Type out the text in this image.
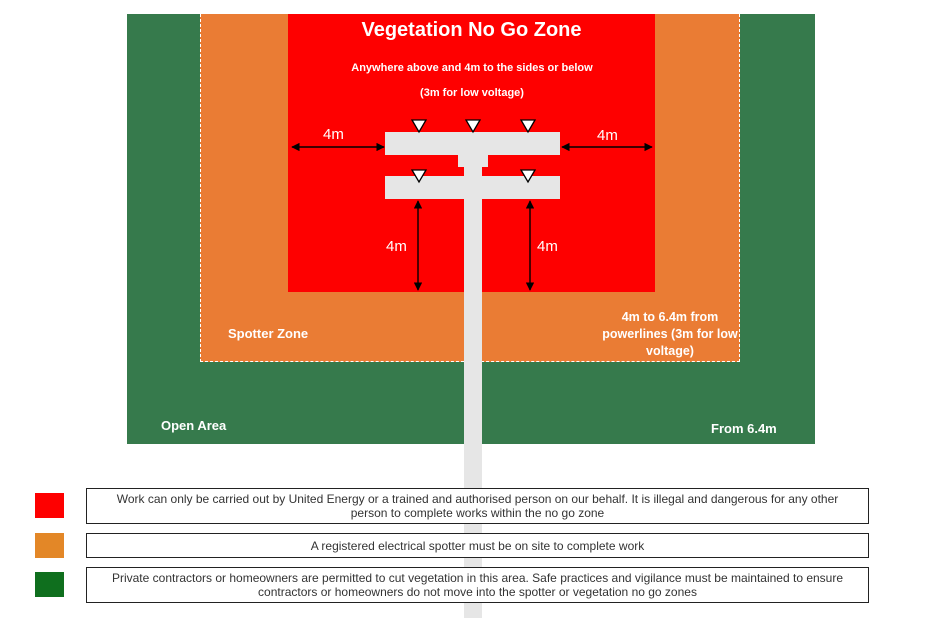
Vegetation No Go Zone
Anywhere above and 4m to the sides or below (3m for low voltage)
4m	4m
4m	4m
Spotter Zone
4m to 6.4m from powerlines (3m for low voltage)
Open Area	From 6.4m
Work can only be carried out by United Energy or a trained and authorised person on our behalf. It is illegal and dangerous for any other person to complete works within the no go zone
A registered electrical spotter must be on site to complete work
Private contractors or homeowners are permitted to cut vegetation in this area. Safe practices and vigilance must be maintained to ensure contractors or homeowners do not move into the spotter or vegetation no go zones
